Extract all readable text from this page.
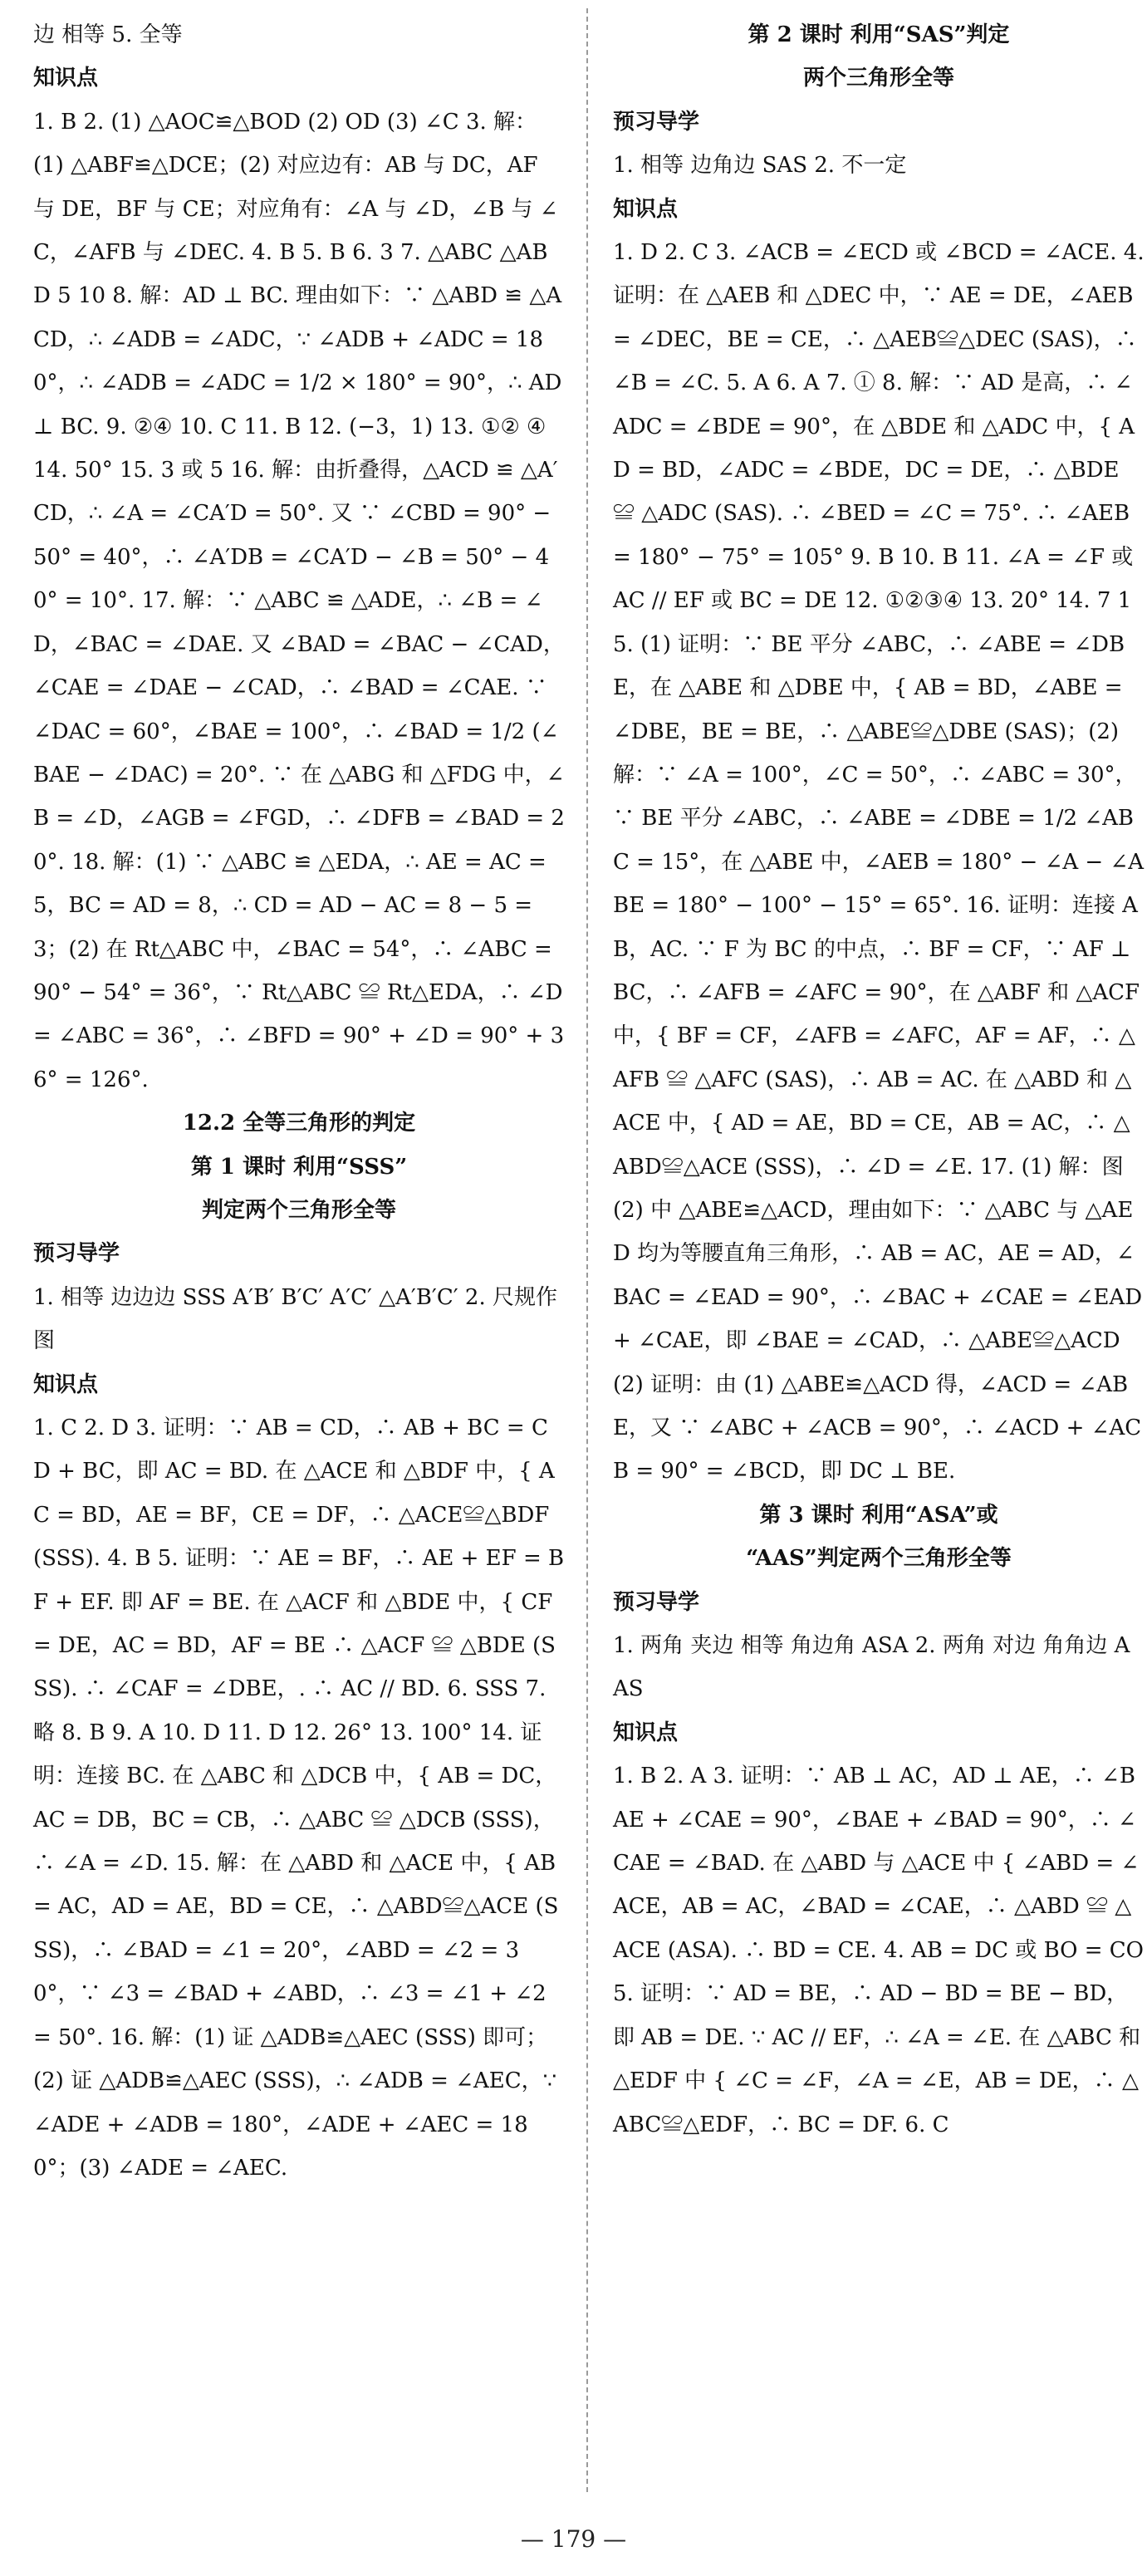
边 相等 5. 全等
知识点
1. B 2. (1) △AOC≌△BOD (2) OD (3) ∠C 3. 解：(1) △ABF≌△DCE；(2) 对应边有：AB 与 DC，AF 与 DE，BF 与 CE；对应角有：∠A 与 ∠D，∠B 与 ∠C，∠AFB 与 ∠DEC. 4. B 5. B 6. 3 7. △ABC △ABD 5 10 8. 解：AD ⊥ BC. 理由如下：∵ △ABD ≌ △ACD，∴ ∠ADB = ∠ADC，∵ ∠ADB + ∠ADC = 180°，∴ ∠ADB = ∠ADC = 1/2 × 180° = 90°，∴ AD ⊥ BC. 9. ②④ 10. C 11. B 12. (−3，1) 13. ①② ④ 14. 50° 15. 3 或 5 16. 解：由折叠得，△ACD ≌ △A′CD，∴ ∠A = ∠CA′D = 50°. 又 ∵ ∠CBD = 90° − 50° = 40°，∴ ∠A′DB = ∠CA′D − ∠B = 50° − 40° = 10°. 17. 解：∵ △ABC ≌ △ADE，∴ ∠B = ∠D，∠BAC = ∠DAE. 又 ∠BAD = ∠BAC − ∠CAD，∠CAE = ∠DAE − ∠CAD，∴ ∠BAD = ∠CAE. ∵ ∠DAC = 60°，∠BAE = 100°，∴ ∠BAD = 1/2 (∠BAE − ∠DAC) = 20°. ∵ 在 △ABG 和 △FDG 中，∠B = ∠D，∠AGB = ∠FGD，∴ ∠DFB = ∠BAD = 20°. 18. 解：(1) ∵ △ABC ≌ △EDA，∴ AE = AC = 5，BC = AD = 8，∴ CD = AD − AC = 8 − 5 = 3；(2) 在 Rt△ABC 中，∠BAC = 54°，∴ ∠ABC = 90° − 54° = 36°，∵ Rt△ABC ≌ Rt△EDA，∴ ∠D = ∠ABC = 36°，∴ ∠BFD = 90° + ∠D = 90° + 36° = 126°.
12.2 全等三角形的判定
第 1 课时 利用“SSS”
判定两个三角形全等
预习导学
1. 相等 边边边 SSS A′B′ B′C′ A′C′ △A′B′C′ 2. 尺规作图
知识点
1. C 2. D 3. 证明：∵ AB = CD，∴ AB + BC = CD + BC，即 AC = BD. 在 △ACE 和 △BDF 中，{ AC = BD，AE = BF，CE = DF，∴ △ACE≌△BDF (SSS). 4. B 5. 证明：∵ AE = BF，∴ AE + EF = BF + EF. 即 AF = BE. 在 △ACF 和 △BDE 中，{ CF = DE，AC = BD，AF = BE ∴ △ACF ≌ △BDE (SSS). ∴ ∠CAF = ∠DBE，. ∴ AC // BD. 6. SSS 7. 略 8. B 9. A 10. D 11. D 12. 26° 13. 100° 14. 证明：连接 BC. 在 △ABC 和 △DCB 中，{ AB = DC，AC = DB，BC = CB，∴ △ABC ≌ △DCB (SSS)，∴ ∠A = ∠D. 15. 解：在 △ABD 和 △ACE 中，{ AB = AC，AD = AE，BD = CE，∴ △ABD≌△ACE (SSS)，∴ ∠BAD = ∠1 = 20°，∠ABD = ∠2 = 30°，∵ ∠3 = ∠BAD + ∠ABD，∴ ∠3 = ∠1 + ∠2 = 50°. 16. 解：(1) 证 △ADB≌△AEC (SSS) 即可；(2) 证 △ADB≌△AEC (SSS)，∴ ∠ADB = ∠AEC，∵ ∠ADE + ∠ADB = 180°，∠ADE + ∠AEC = 180°；(3) ∠ADE = ∠AEC.
第 2 课时 利用“SAS”判定
两个三角形全等
预习导学
1. 相等 边角边 SAS 2. 不一定
知识点
1. D 2. C 3. ∠ACB = ∠ECD 或 ∠BCD = ∠ACE. 4. 证明：在 △AEB 和 △DEC 中，∵ AE = DE，∠AEB = ∠DEC，BE = CE，∴ △AEB≌△DEC (SAS)，∴ ∠B = ∠C. 5. A 6. A 7. ① 8. 解：∵ AD 是高，∴ ∠ADC = ∠BDE = 90°，在 △BDE 和 △ADC 中，{ AD = BD，∠ADC = ∠BDE，DC = DE，∴ △BDE ≌ △ADC (SAS). ∴ ∠BED = ∠C = 75°. ∴ ∠AEB = 180° − 75° = 105° 9. B 10. B 11. ∠A = ∠F 或 AC // EF 或 BC = DE 12. ①②③④ 13. 20° 14. 7 15. (1) 证明：∵ BE 平分 ∠ABC，∴ ∠ABE = ∠DBE，在 △ABE 和 △DBE 中，{ AB = BD，∠ABE = ∠DBE，BE = BE，∴ △ABE≌△DBE (SAS)；(2) 解：∵ ∠A = 100°，∠C = 50°，∴ ∠ABC = 30°，∵ BE 平分 ∠ABC，∴ ∠ABE = ∠DBE = 1/2 ∠ABC = 15°，在 △ABE 中，∠AEB = 180° − ∠A − ∠ABE = 180° − 100° − 15° = 65°. 16. 证明：连接 AB，AC. ∵ F 为 BC 的中点，∴ BF = CF，∵ AF ⊥ BC，∴ ∠AFB = ∠AFC = 90°，在 △ABF 和 △ACF 中，{ BF = CF，∠AFB = ∠AFC，AF = AF，∴ △AFB ≌ △AFC (SAS)，∴ AB = AC. 在 △ABD 和 △ACE 中，{ AD = AE，BD = CE，AB = AC，∴ △ABD≌△ACE (SSS)，∴ ∠D = ∠E. 17. (1) 解：图 (2) 中 △ABE≌△ACD，理由如下：∵ △ABC 与 △AED 均为等腰直角三角形，∴ AB = AC，AE = AD，∠BAC = ∠EAD = 90°，∴ ∠BAC + ∠CAE = ∠EAD + ∠CAE，即 ∠BAE = ∠CAD，∴ △ABE≌△ACD (2) 证明：由 (1) △ABE≌△ACD 得，∠ACD = ∠ABE，又 ∵ ∠ABC + ∠ACB = 90°，∴ ∠ACD + ∠ACB = 90° = ∠BCD，即 DC ⊥ BE.
第 3 课时 利用“ASA”或
“AAS”判定两个三角形全等
预习导学
1. 两角 夹边 相等 角边角 ASA 2. 两角 对边 角角边 AAS
知识点
1. B 2. A 3. 证明：∵ AB ⊥ AC，AD ⊥ AE，∴ ∠BAE + ∠CAE = 90°，∠BAE + ∠BAD = 90°，∴ ∠CAE = ∠BAD. 在 △ABD 与 △ACE 中 { ∠ABD = ∠ACE，AB = AC，∠BAD = ∠CAE，∴ △ABD ≌ △ACE (ASA). ∴ BD = CE. 4. AB = DC 或 BO = CO 5. 证明：∵ AD = BE，∴ AD − BD = BE − BD，即 AB = DE. ∵ AC // EF，∴ ∠A = ∠E. 在 △ABC 和 △EDF 中 { ∠C = ∠F，∠A = ∠E，AB = DE，∴ △ABC≌△EDF，∴ BC = DF. 6. C
— 179 —
